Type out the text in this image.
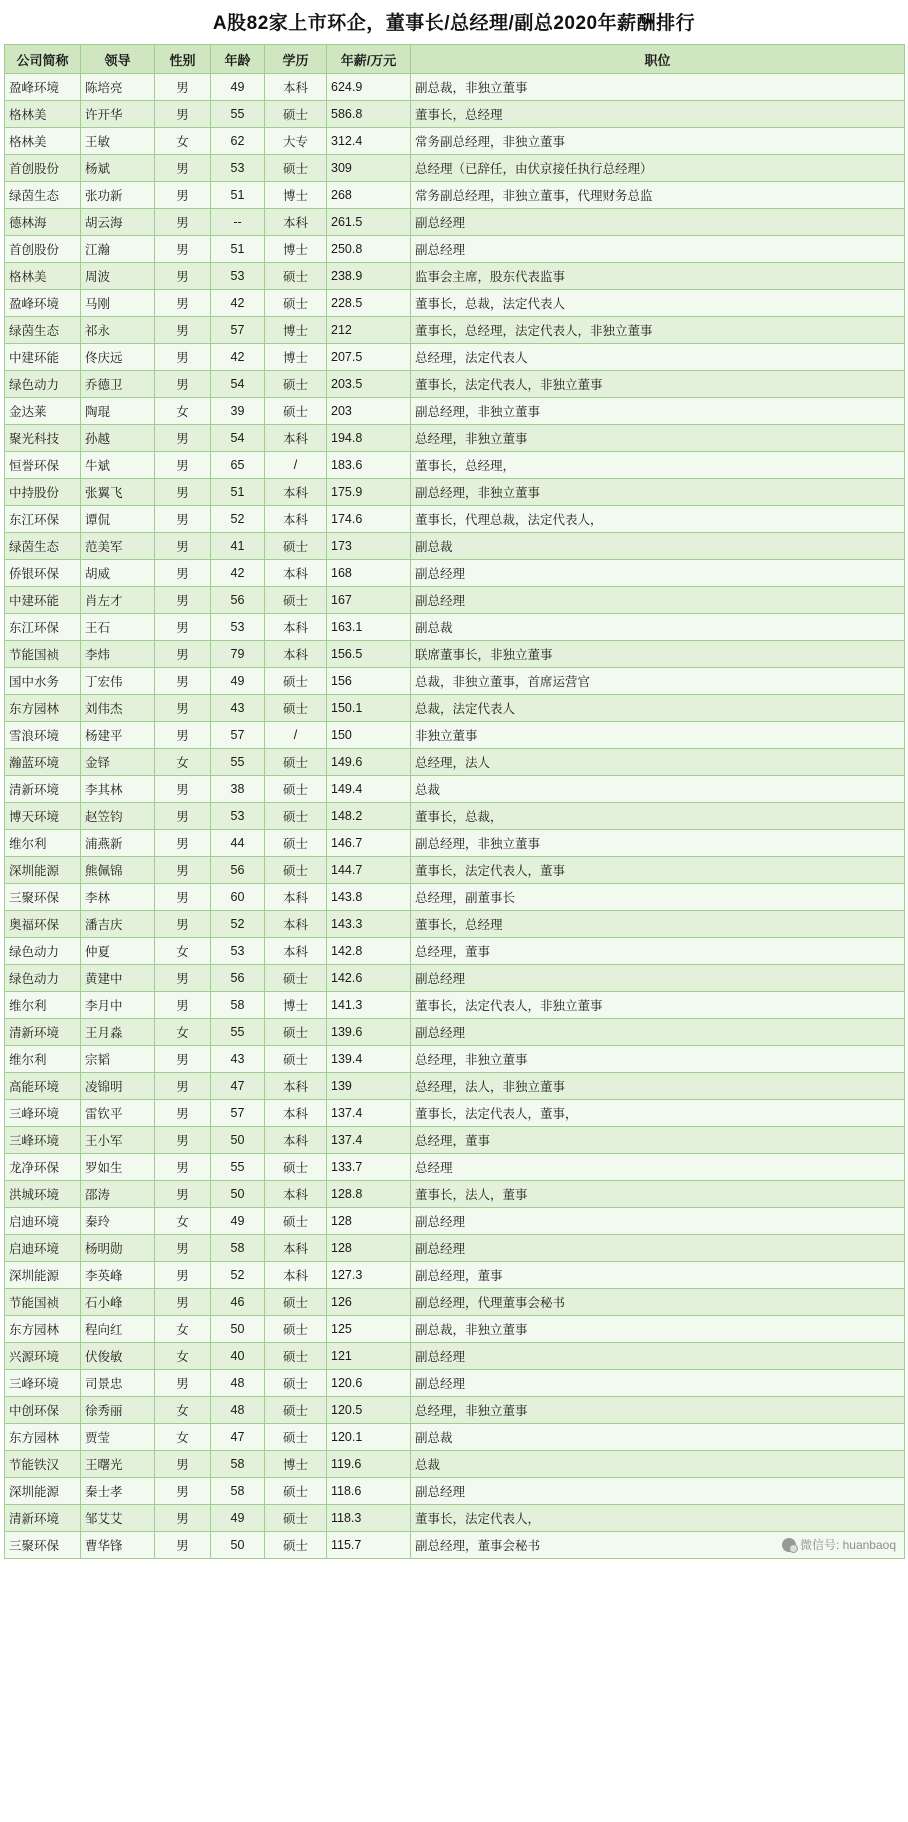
A股82家上市环企，董事长/总经理/副总2020年薪酬排行
公司简称	领导	性别	年龄	学历	年薪/万元	职位
盈峰环境	陈培亮	男	49	本科	624.9	副总裁，非独立董事
格林美	许开华	男	55	硕士	586.8	董事长，总经理
格林美	王敏	女	62	大专	312.4	常务副总经理，非独立董事
首创股份	杨斌	男	53	硕士	309	总经理（已辞任，由伏京接任执行总经理）
绿茵生态	张功新	男	51	博士	268	常务副总经理，非独立董事，代理财务总监
德林海	胡云海	男	--	本科	261.5	副总经理
首创股份	江瀚	男	51	博士	250.8	副总经理
格林美	周波	男	53	硕士	238.9	监事会主席，股东代表监事
盈峰环境	马刚	男	42	硕士	228.5	董事长，总裁，法定代表人
绿茵生态	祁永	男	57	博士	212	董事长，总经理，法定代表人，非独立董事
中建环能	佟庆远	男	42	博士	207.5	总经理，法定代表人
绿色动力	乔德卫	男	54	硕士	203.5	董事长，法定代表人，非独立董事
金达莱	陶琨	女	39	硕士	203	副总经理，非独立董事
聚光科技	孙越	男	54	本科	194.8	总经理，非独立董事
恒誉环保	牛斌	男	65	/	183.6	董事长，总经理，
中持股份	张翼飞	男	51	本科	175.9	副总经理，非独立董事
东江环保	谭侃	男	52	本科	174.6	董事长，代理总裁，法定代表人，
绿茵生态	范美军	男	41	硕士	173	副总裁
侨银环保	胡威	男	42	本科	168	副总经理
中建环能	肖左才	男	56	硕士	167	副总经理
东江环保	王石	男	53	本科	163.1	副总裁
节能国祯	李炜	男	79	本科	156.5	联席董事长，非独立董事
国中水务	丁宏伟	男	49	硕士	156	总裁，非独立董事，首席运营官
东方园林	刘伟杰	男	43	硕士	150.1	总裁，法定代表人
雪浪环境	杨建平	男	57	/	150	非独立董事
瀚蓝环境	金铎	女	55	硕士	149.6	总经理，法人
清新环境	李其林	男	38	硕士	149.4	总裁
博天环境	赵笠钧	男	53	硕士	148.2	董事长，总裁，
维尔利	浦燕新	男	44	硕士	146.7	副总经理，非独立董事
深圳能源	熊佩锦	男	56	硕士	144.7	董事长，法定代表人，董事
三聚环保	李林	男	60	本科	143.8	总经理，副董事长
奥福环保	潘吉庆	男	52	本科	143.3	董事长，总经理
绿色动力	仲夏	女	53	本科	142.8	总经理，董事
绿色动力	黄建中	男	56	硕士	142.6	副总经理
维尔利	李月中	男	58	博士	141.3	董事长，法定代表人，非独立董事
清新环境	王月淼	女	55	硕士	139.6	副总经理
维尔利	宗韬	男	43	硕士	139.4	总经理，非独立董事
高能环境	凌锦明	男	47	本科	139	总经理，法人，非独立董事
三峰环境	雷钦平	男	57	本科	137.4	董事长，法定代表人，董事，
三峰环境	王小军	男	50	本科	137.4	总经理，董事
龙净环保	罗如生	男	55	硕士	133.7	总经理
洪城环境	邵涛	男	50	本科	128.8	董事长，法人，董事
启迪环境	秦玲	女	49	硕士	128	副总经理
启迪环境	杨明勋	男	58	本科	128	副总经理
深圳能源	李英峰	男	52	本科	127.3	副总经理，董事
节能国祯	石小峰	男	46	硕士	126	副总经理，代理董事会秘书
东方园林	程向红	女	50	硕士	125	副总裁，非独立董事
兴源环境	伏俊敏	女	40	硕士	121	副总经理
三峰环境	司景忠	男	48	硕士	120.6	副总经理
中创环保	徐秀丽	女	48	硕士	120.5	总经理，非独立董事
东方园林	贾莹	女	47	硕士	120.1	副总裁
节能铁汉	王曙光	男	58	博士	119.6	总裁
深圳能源	秦士孝	男	58	硕士	118.6	副总经理
清新环境	邹艾艾	男	49	硕士	118.3	董事长，法定代表人，
三聚环保	曹华锋	男	50	硕士	115.7	副总经理，董事会秘书	微信号: huanbaoq
